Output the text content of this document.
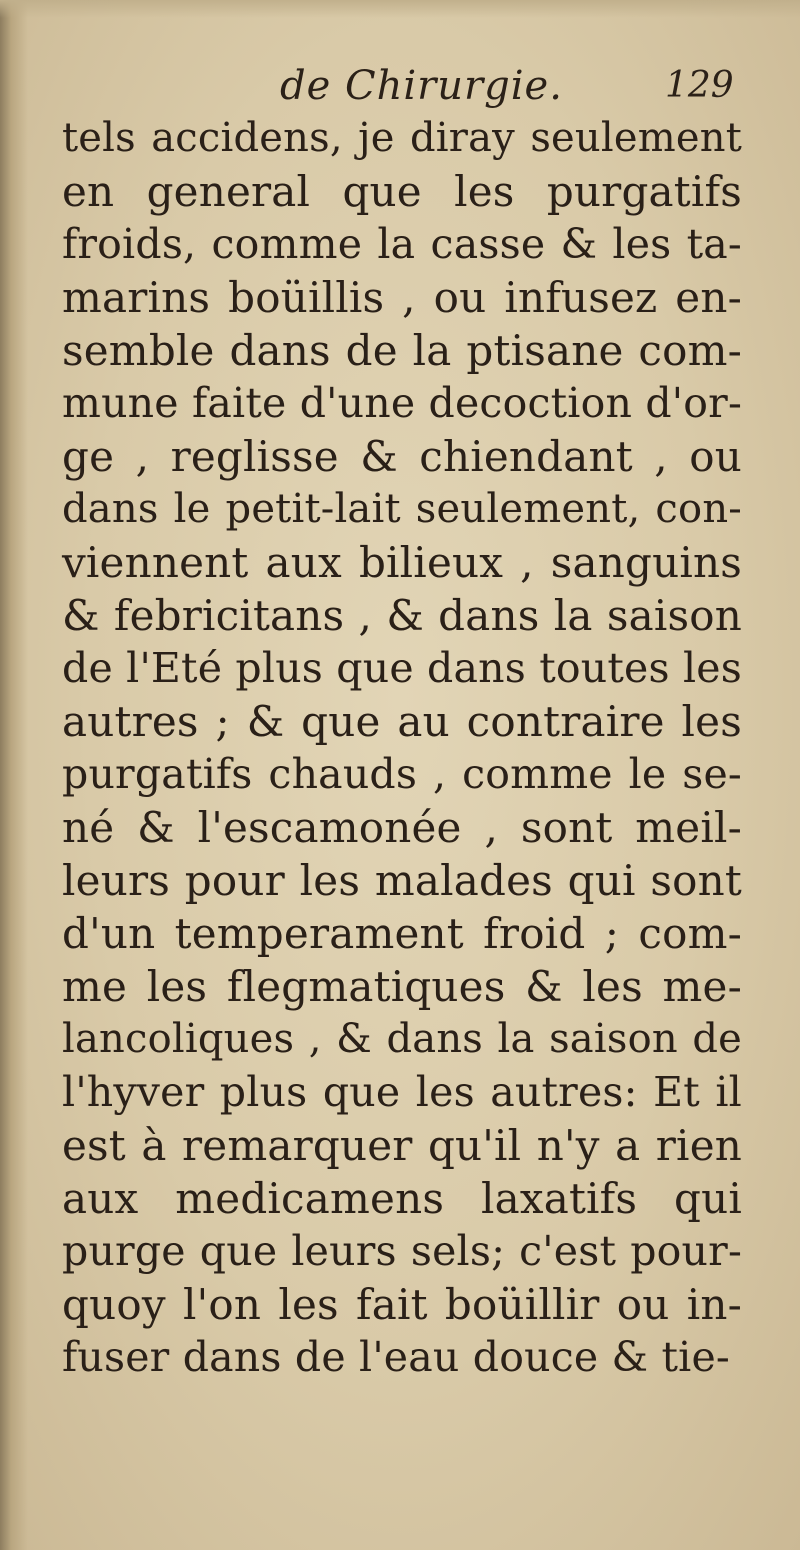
de Chirurgie.	129
tels accidens, je diray seulement
en general que les purgatifs
froids, comme la casse & les ta-
marins boüillis , ou infusez en-
semble dans de la ptisane com-
mune faite d'une decoction d'or-
ge , reglisse & chiendant , ou
dans le petit-lait seulement, con-
viennent aux bilieux , sanguins
& febricitans , & dans la saison
de l'Eté plus que dans toutes les
autres ; & que au contraire les
purgatifs chauds , comme le se-
né & l'escamonée , sont meil-
leurs pour les malades qui sont
d'un temperament froid ; com-
me les flegmatiques & les me-
lancoliques , & dans la saison de
l'hyver plus que les autres: Et il
est à remarquer qu'il n'y a rien
aux medicamens laxatifs qui
purge que leurs sels; c'est pour-
quoy l'on les fait boüillir ou in-
fuser dans de l'eau douce & tie-
